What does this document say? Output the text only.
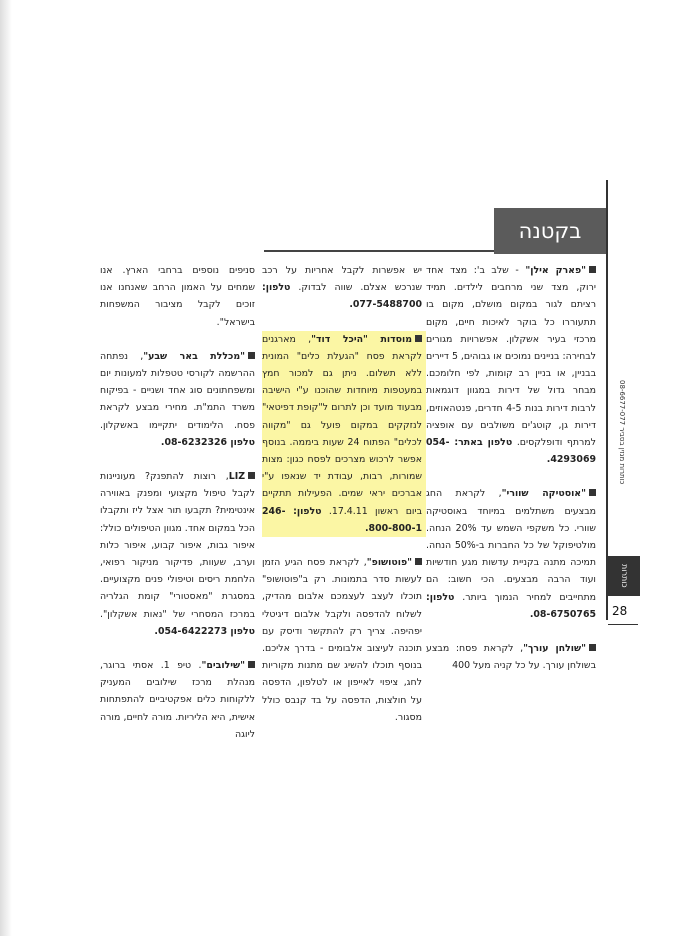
בקטנה
כותרות מגזין בסביר 08-6677-077
כותרות
28
"פארק אילן" - שלב ב': מצד אחד ירוק, מצד שני מרחבים לילדים. תמיד רציתם לגור במקום מושלם, מקום בו תתעוררו כל בוקר לאיכות חיים, מקום מרכזי בעיר אשקלון. אפשרויות מגורים לבחירה: בניינים נמוכים או גבוהים, 5 דיירים בבניין, או בניין רב קומות, לפי חלומכם. מבחר גדול של דירות במגוון דוגמאות לרבות דירות בנות 4-5 חדרים, פנטהאוזים, דירות גן, קוטג'ים משולבים עם אופציה למרתף ודופלקסים. טלפון באתר: 054-4293069.
"אוסטיקה שוורי", לקראת החג מבצעים משתלמים במיוחד באוסטיקה שוורי. כל משקפי השמש עד 20% הנחה. מולטיפוקל של כל החברות ב-50% הנחה. תמיכה מתנה בקניית עדשות מגע חודשיות ועוד הרבה מבצעים. הכי חשוב: הם מתחייבים למחיר הנמוך ביותר. טלפון: 08-6750765.
"שולחן עורך", לקראת פסח: מבצע בשולחן עורך. על כל קניה מעל 400
יש אפשרות לקבל אחריות על רכב שנרכש אצלם. שווה לבדוק. טלפון: 077-5488700.
מוסדות "היכל דוד", מארגנים לקראת פסח "הגעלת כלים" המונית ללא תשלום. ניתן גם למכור חמץ במעטפות מיוחדות שהוכנו ע"י הישיבה מבעוד מועד וכן לתרום ל"קופת דפיטאי" לנזקקים במקום פועל גם "מקווה לכלים" הפתוח 24 שעות ביממה. בנוסף אפשר לרכוש מצרכים לפסח כגון: מצות שמורות, רבות, עבודת יד שנאפו ע"י אברכים יראי שמים. הפעילות תתקיים ביום ראשון 17.4.11. טלפון: 246-800-800-1.
"פוטושופ", לקראת פסח הגיע הזמן לעשות סדר בתמונות. רק ב"פוטושופ" תוכלו לעצב לעצמכם אלבום מהדיק, לשלוח להדפסה ולקבל אלבום דיגיטלי יפהיפה. צריך רק להתקשר ודיסק עם תוכנה לעיצוב אלבומים - בדרך אליכם. בנוסף תוכלו להשיג שם מתנות מקוריות לחג, ציפוי לאייפון או לטלפון, הדפסה על חולצות, הדפסה על בד קנבס כולל מסגור.
סניפים נוספים ברחבי הארץ. אנו שמחים על האמון הרחב שאנחנו אנו זוכים לקבל מציבור המשפחות בישראל".
"מכללת באר שבע", נפתחה ההרשמה לקורסי טטפלות למעונות יום ומשפחתונים סוג אחד ושניים - בפיקוח משרד התמ"ת. מחירי מבצע לקראת פסח. הלימודים יתקיימו באשקלון. טלפון 08-6232326.
LIZ, רוצות להתפנק? מעוניינות לקבל טיפול מקצועי ומפנק באווירה אינטימית? תקבעו תור אצל ליז ותקבלו הכל במקום אחד. מגוון הטיפולים כולל: איפור גבות, איפור קבוע, איפור כלות וערב, שעוות, פדיקור מניקור רפואי, הלחמת ריסים וטיפולי פנים מקצועיים. במסגרת "מאסטורי" קומת הגלריה במרכז המסחרי של "נאות אשקלון". טלפון 054-6422273.
"שילובים". טיפ 1. אסתי ברוגר, מנהלת מרכז שילובים המעניק ללקוחות כלים אפקטיביים להתפתחות אישית, היא הליריות. מורה לחיים, מורה ליוגה
